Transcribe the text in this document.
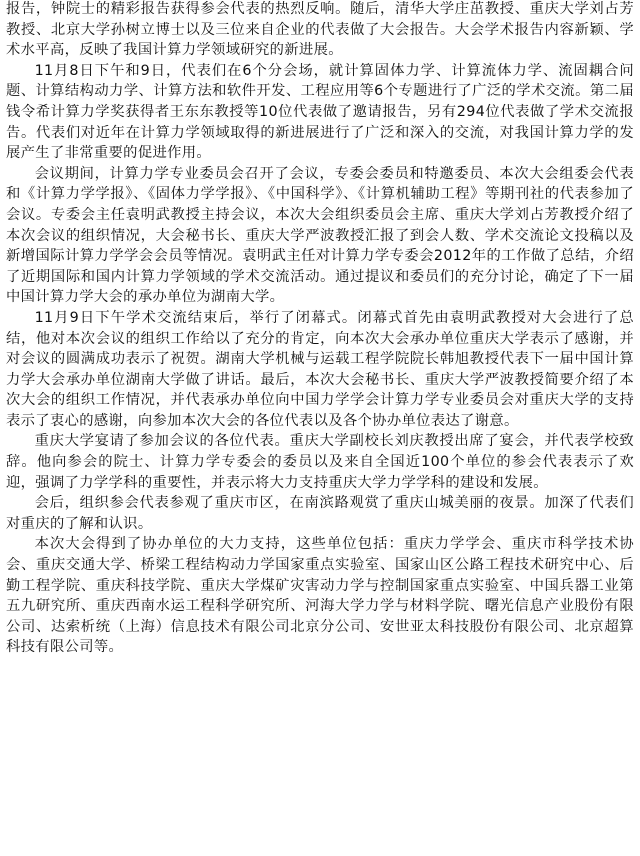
报告，钟院士的精彩报告获得参会代表的热烈反响。随后，清华大学庄茁教授、重庆大学刘占芳教授、北京大学孙树立博士以及三位来自企业的代表做了大会报告。大会学术报告内容新颖、学术水平高，反映了我国计算力学领域研究的新进展。

11月8日下午和9日，代表们在6个分会场，就计算固体力学、计算流体力学、流固耦合问题、计算结构动力学、计算方法和软件开发、工程应用等6个专题进行了广泛的学术交流。第二届钱令希计算力学奖获得者王东东教授等10位代表做了邀请报告，另有294位代表做了学术交流报告。代表们对近年在计算力学领域取得的新进展进行了广泛和深入的交流，对我国计算力学的发展产生了非常重要的促进作用。

会议期间，计算力学专业委员会召开了会议，专委会委员和特邀委员、本次大会组委会代表和《计算力学学报》、《固体力学学报》、《中国科学》、《计算机辅助工程》等期刊社的代表参加了会议。专委会主任袁明武教授主持会议，本次大会组织委员会主席、重庆大学刘占芳教授介绍了本次会议的组织情况，大会秘书长、重庆大学严波教授汇报了到会人数、学术交流论文投稿以及新增国际计算力学学会会员等情况。袁明武主任对计算力学专委会2012年的工作做了总结，介绍了近期国际和国内计算力学领域的学术交流活动。通过提议和委员们的充分讨论，确定了下一届中国计算力学大会的承办单位为湖南大学。

11月9日下午学术交流结束后，举行了闭幕式。闭幕式首先由袁明武教授对大会进行了总结，他对本次会议的组织工作给以了充分的肯定，向本次大会承办单位重庆大学表示了感谢，并对会议的圆满成功表示了祝贺。湖南大学机械与运载工程学院院长韩旭教授代表下一届中国计算力学大会承办单位湖南大学做了讲话。最后，本次大会秘书长、重庆大学严波教授简要介绍了本次大会的组织工作情况，并代表承办单位向中国力学学会计算力学专业委员会对重庆大学的支持表示了衷心的感谢，向参加本次大会的各位代表以及各个协办单位表达了谢意。

重庆大学宴请了参加会议的各位代表。重庆大学副校长刘庆教授出席了宴会，并代表学校致辞。他向参会的院士、计算力学专委会的委员以及来自全国近100个单位的参会代表表示了欢迎，强调了力学学科的重要性，并表示将大力支持重庆大学力学学科的建设和发展。

会后，组织参会代表参观了重庆市区，在南滨路观赏了重庆山城美丽的夜景。加深了代表们对重庆的了解和认识。

本次大会得到了协办单位的大力支持，这些单位包括：重庆力学学会、重庆市科学技术协会、重庆交通大学、桥梁工程结构动力学国家重点实验室、国家山区公路工程技术研究中心、后勤工程学院、重庆科技学院、重庆大学煤矿灾害动力学与控制国家重点实验室、中国兵器工业第五九研究所、重庆西南水运工程科学研究所、河海大学力学与材料学院、曙光信息产业股份有限公司、达索析统（上海）信息技术有限公司北京分公司、安世亚太科技股份有限公司、北京超算科技有限公司等。
